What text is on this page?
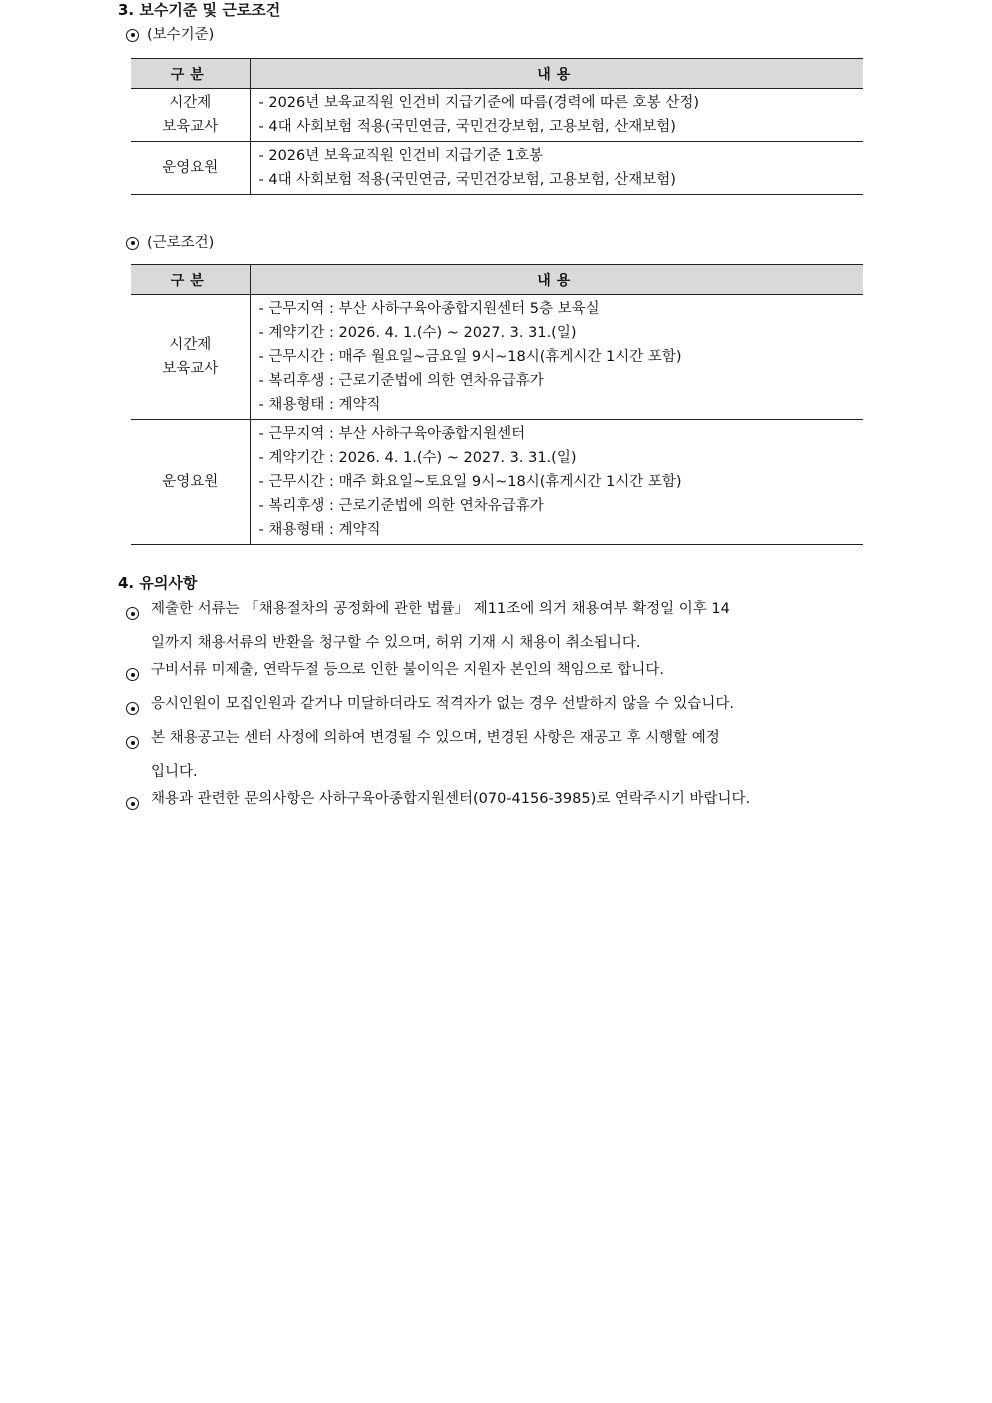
3. 보수기준 및 근로조건
(보수기준)
구분	내용

시간제
보육교사	- 2026년 보육교직원 인건비 지급기준에 따름(경력에 따른 호봉 산정)
- 4대 사회보험 적용(국민연금, 국민건강보험, 고용보험, 산재보험)

운영요원	- 2026년 보육교직원 인건비 지급기준 1호봉
- 4대 사회보험 적용(국민연금, 국민건강보험, 고용보험, 산재보험)
(근로조건)
구분	내용

시간제
보육교사	- 근무지역 : 부산 사하구육아종합지원센터 5층 보육실
- 계약기간 : 2026. 4. 1.(수) ~ 2027. 3. 31.(일)
- 근무시간 : 매주 월요일~금요일 9시~18시(휴게시간 1시간 포함)
- 복리후생 : 근로기준법에 의한 연차유급휴가
- 채용형태 : 계약직

운영요원	- 근무지역 : 부산 사하구육아종합지원센터
- 계약기간 : 2026. 4. 1.(수) ~ 2027. 3. 31.(일)
- 근무시간 : 매주 화요일~토요일 9시~18시(휴게시간 1시간 포함)
- 복리후생 : 근로기준법에 의한 연차유급휴가
- 채용형태 : 계약직
4. 유의사항
제출한 서류는 「채용절차의 공정화에 관한 법률」 제11조에 의거 채용여부 확정일 이후 14
일까지 채용서류의 반환을 청구할 수 있으며, 허위 기재 시 채용이 취소됩니다.
구비서류 미제출, 연락두절 등으로 인한 불이익은 지원자 본인의 책임으로 합니다.
응시인원이 모집인원과 같거나 미달하더라도 적격자가 없는 경우 선발하지 않을 수 있습니다.
본 채용공고는 센터 사정에 의하여 변경될 수 있으며, 변경된 사항은 재공고 후 시행할 예정
입니다.
채용과 관련한 문의사항은 사하구육아종합지원센터(070-4156-3985)로 연락주시기 바랍니다.
